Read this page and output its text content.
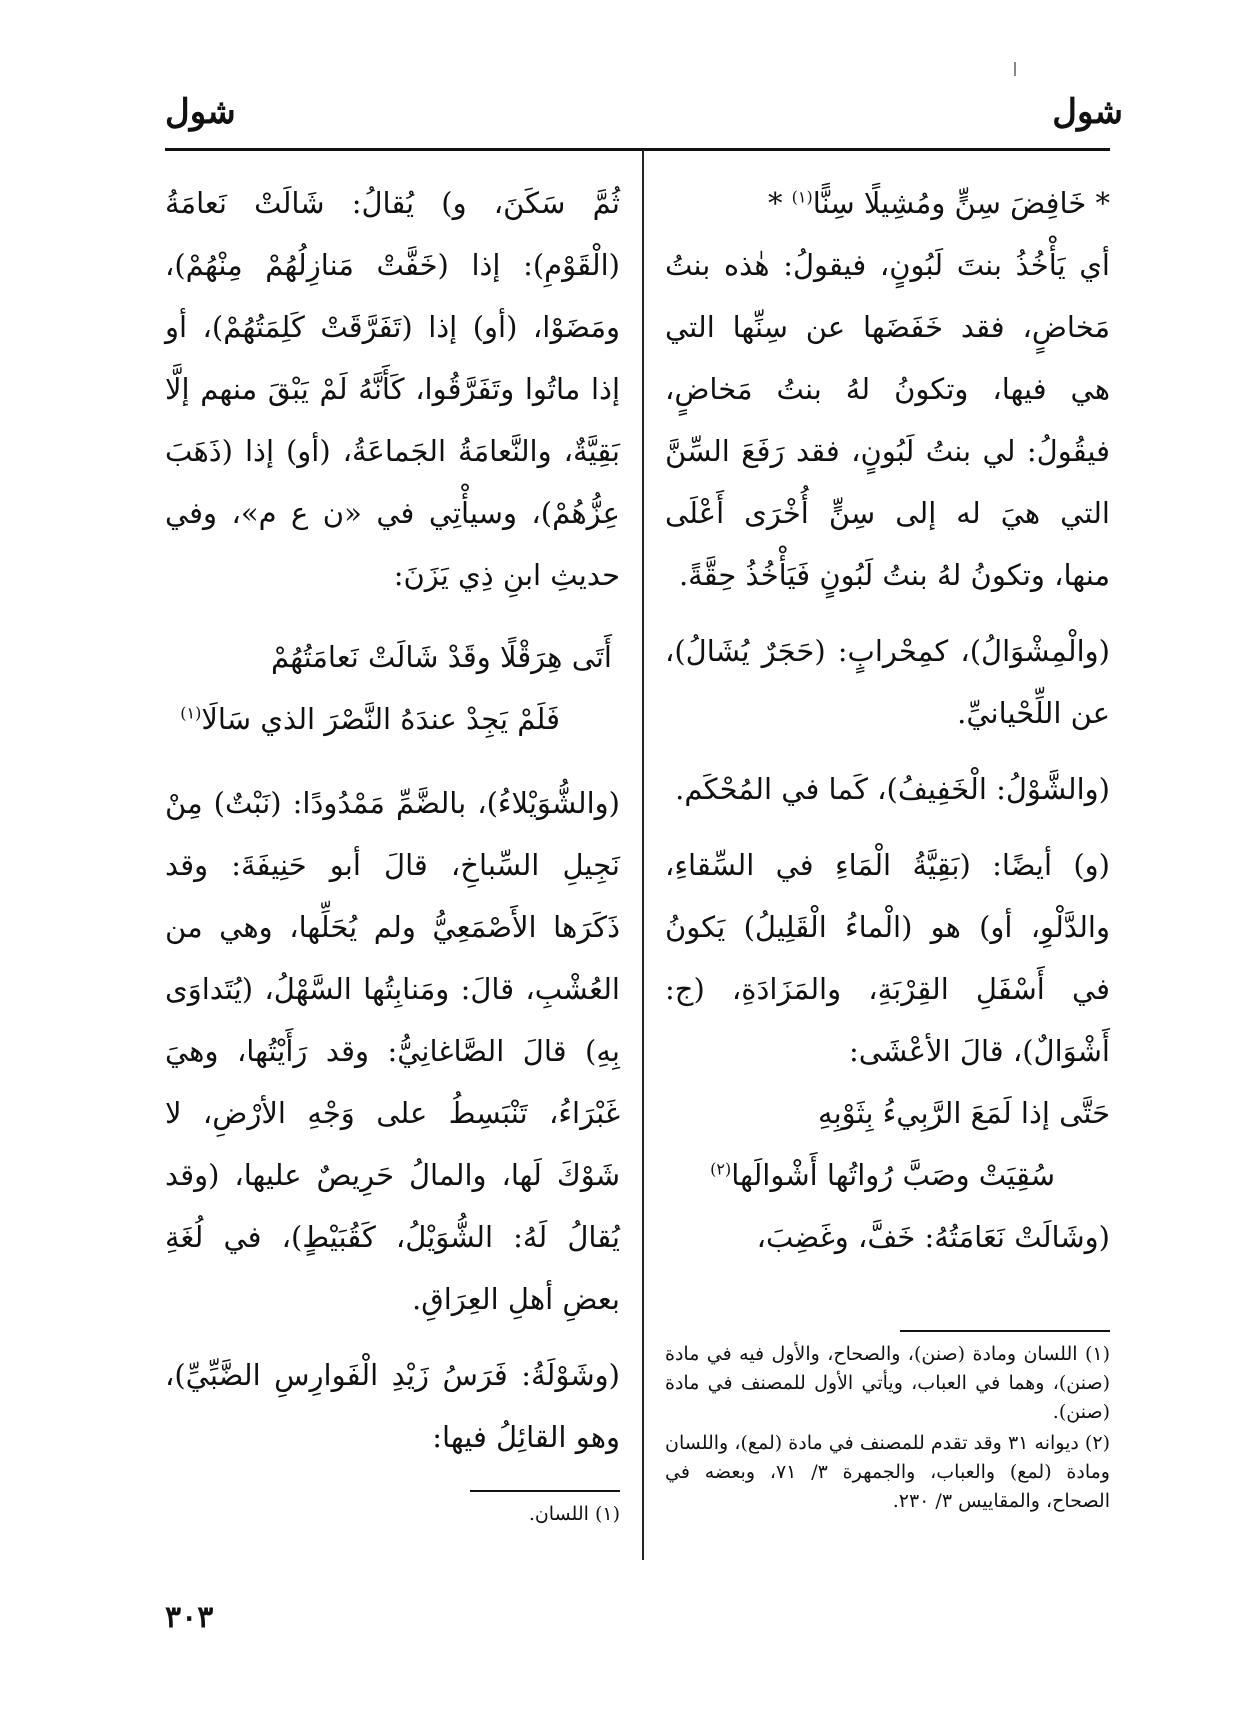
شول
شول

* خَافِضَ سِنٍّ ومُشِيلًا سِنًّا$^{(١)}$ *

أي يَأْخُذُ بنتَ لَبُونٍ، فيقولُ: هٰذه بنتُ مَخاضٍ، فقد خَفَضَها عن سِنِّها التي هي فيها، وتكونُ لهُ بنتُ مَخاضٍ، فيقُولُ: لي بنتُ لَبُونٍ، فقد رَفَعَ السِّنَّ التي هيَ له إلى سِنٍّ أُخْرَى أَعْلَى منها، وتكونُ لهُ بنتُ لَبُونٍ فَيَأْخُذُ حِقَّةً.

(والْمِشْوَالُ)، كمِحْرابٍ: (حَجَرٌ يُشَالُ)، عن اللِّحْيانيِّ.

(والشَّوْلُ: الْخَفِيفُ)، كَما في المُحْكَم.

(و) أيضًا: (بَقِيَّةُ الْمَاءِ في السِّقاءِ، والدَّلْوِ، أو) هو (الْماءُ الْقَلِيلُ) يَكونُ في أَسْفَلِ القِرْبَةِ، والمَزَادَةِ، (ج: أَشْوَالٌ)، قالَ الأعْشَى:

حَتَّى إذا لَمَعَ الرَّبِيءُ بِثَوْبِهِ
سُقِيَتْ وصَبَّ رُواتُها أَشْوالَها$^{(٢)}$

(وشَالَتْ نَعَامَتُهُ: خَفَّ، وغَضِبَ،

(١) اللسان ومادة (صنن)، والصحاح، والأول فيه في مادة (صنن)، وهما في العباب، ويأتي الأول للمصنف في مادة (صنن).

(٢) ديوانه ٣١ وقد تقدم للمصنف في مادة (لمع)، واللسان ومادة (لمع) والعباب، والجمهرة ٣/ ٧١، وبعضه في الصحاح، والمقاييس ٣/ ٢٣٠.

ثُمَّ سَكَنَ، و) يُقالُ: شَالَتْ نَعامَةُ (الْقَوْمِ): إذا (خَفَّتْ مَنازِلُهُمْ مِنْهُمْ)، ومَضَوْا، (أو) إذا (تَفَرَّقَتْ كَلِمَتُهُمْ)، أو إذا ماتُوا وتَفَرَّقُوا، كَأَنَّهُ لَمْ يَبْقَ منهم إلَّا بَقِيَّةٌ، والنَّعامَةُ الجَماعَةُ، (أو) إذا (ذَهَبَ عِزُّهُمْ)، وسيأْتِي في «ن ع م»، وفي حديثِ ابنِ ذِي يَزَنَ:

أَتَى هِرَقْلًا وقَدْ شَالَتْ نَعامَتُهُمْ
فَلَمْ يَجِدْ عندَهُ النَّصْرَ الذي سَالَا$^{(١)}$

(والشُّوَيْلاءُ)، بالضَّمِّ مَمْدُودًا: (نَبْتٌ) مِنْ نَجِيلِ السِّباخِ، قالَ أبو حَنِيفَةَ: وقد ذَكَرَها الأَصْمَعِيُّ ولم يُحَلِّها، وهي من العُشْبِ، قالَ: ومَنابِتُها السَّهْلُ، (يُتَداوَى بِهِ) قالَ الصَّاغانِيُّ: وقد رَأَيْتُها، وهيَ غَبْرَاءُ، تَنْبَسِطُ على وَجْهِ الأرْضِ، لا شَوْكَ لَها، والمالُ حَرِيصٌ عليها، (وقد يُقالُ لَهُ: الشُّوَيْلُ، كَقُبَيْطٍ)، في لُغَةِ بعضِ أهلِ العِرَاقِ.

(وشَوْلَةُ: فَرَسُ زَيْدِ الْفَوارِسِ الضَّبِّيِّ)، وهو القائِلُ فيها:

(١) اللسان.

٣٠٣
